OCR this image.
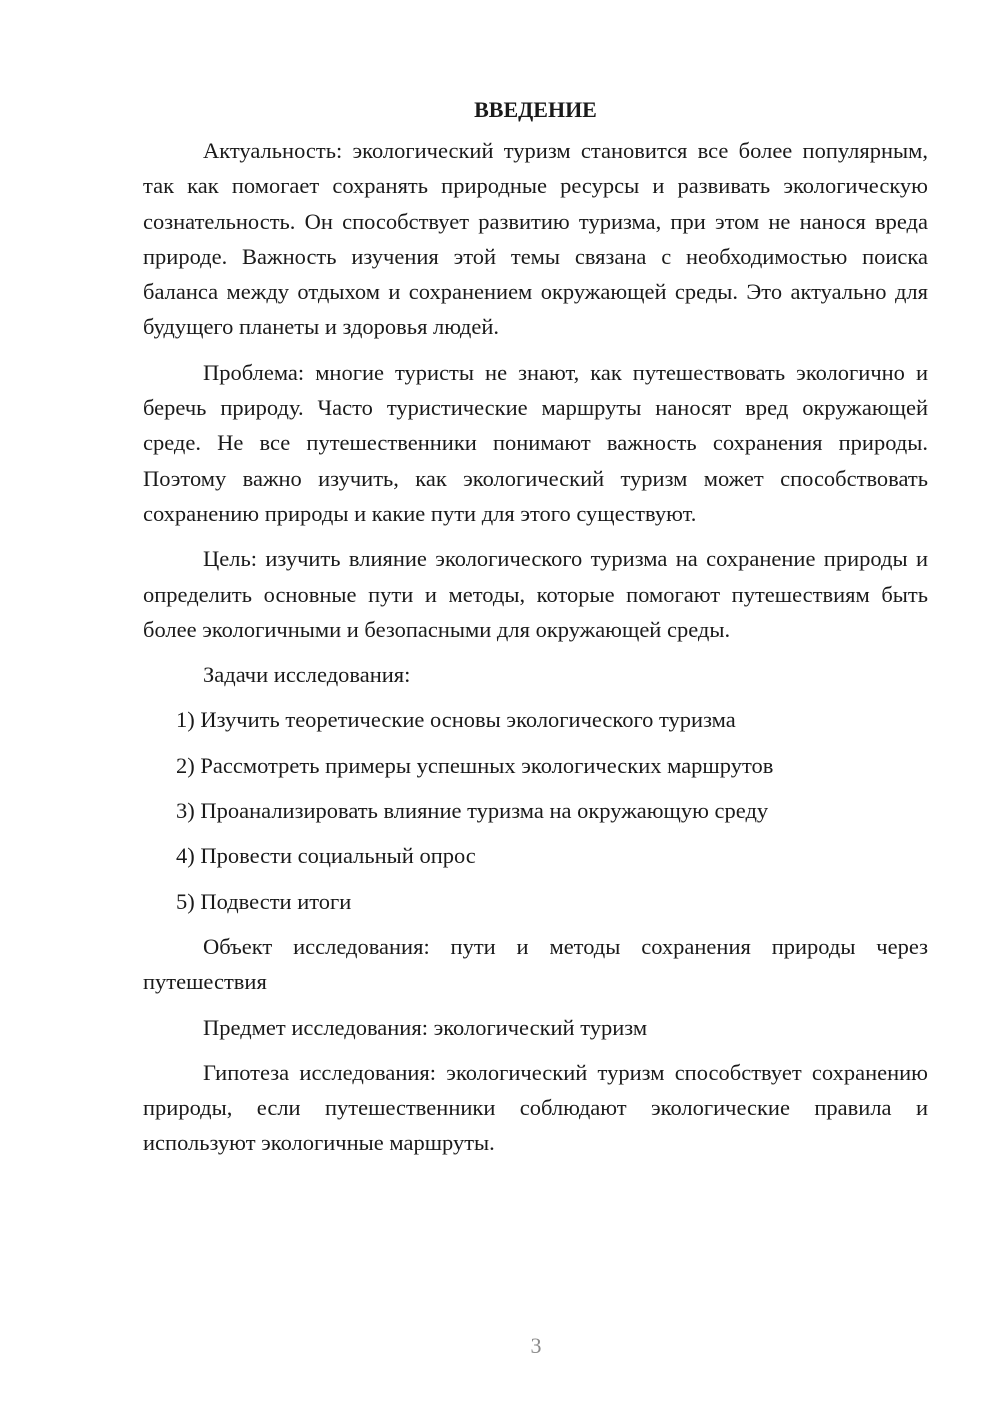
ВВЕДЕНИЕ

Актуальность: экологический туризм становится все более популярным, так как помогает сохранять природные ресурсы и развивать экологическую сознательность. Он способствует развитию туризма, при этом не нанося вреда природе. Важность изучения этой темы связана с необходимостью поиска баланса между отдыхом и сохранением окружающей среды. Это актуально для будущего планеты и здоровья людей.

Проблема: многие туристы не знают, как путешествовать экологично и беречь природу. Часто туристические маршруты наносят вред окружающей среде. Не все путешественники понимают важность сохранения природы. Поэтому важно изучить, как экологический туризм может способствовать сохранению природы и какие пути для этого существуют.

Цель: изучить влияние экологического туризма на сохранение природы и определить основные пути и методы, которые помогают путешествиям быть более экологичными и безопасными для окружающей среды.

Задачи исследования:

1) Изучить теоретические основы экологического туризма
2) Рассмотреть примеры успешных экологических маршрутов
3) Проанализировать влияние туризма на окружающую среду
4) Провести социальный опрос
5) Подвести итоги

Объект исследования: пути и методы сохранения природы через путешествия

Предмет исследования: экологический туризм

Гипотеза исследования: экологический туризм способствует сохранению природы, если путешественники соблюдают экологические правила и используют экологичные маршруты.

3
